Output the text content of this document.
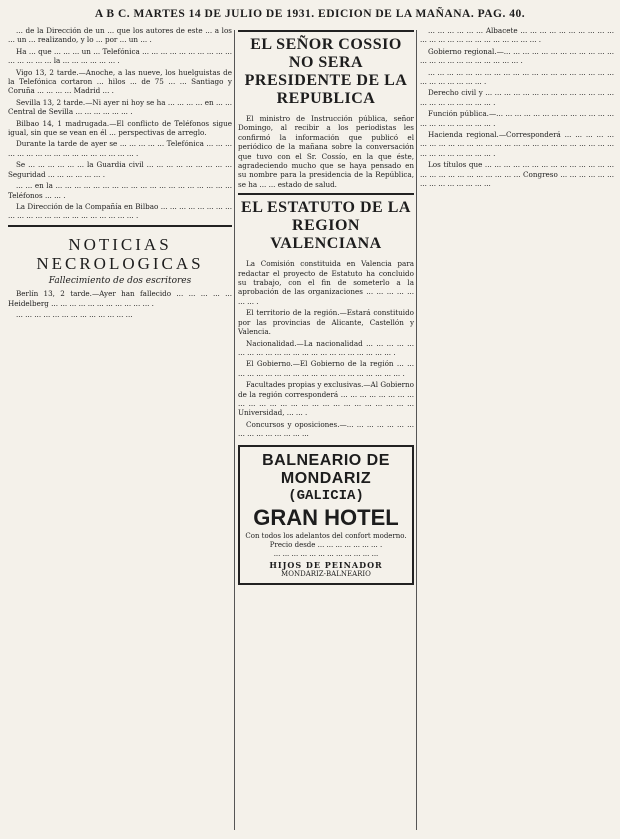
A B C. MARTES 14 DE JULIO DE 1931. EDICION DE LA MAÑANA. PAG. 40.

... de la Dirección de un ... que los autores de este ... a los ... un ... realizando, y lo ... por ... un ... .

Ha ... que ... ... ... un ... Telefónica ... ... ... ... ... ... ... ... ... ... ... ... ... ... ... la ... ... ... ... ... ... .

Vigo 13, 2 tarde.—Anoche, a las nueve, los huelguistas de la Telefónica cortaron ... hilos ... de 75 ... ... Santiago y Coruña ... ... ... ... Madrid ... .

Sevilla 13, 2 tarde.—Ni ayer ni hoy se ha ... ... ... ... en ... ... Central de Sevilla ... ... ... ... ... ... .

Bilbao 14, 1 madrugada.—El conflicto de Teléfonos sigue igual, sin que se vean en él ... perspectivas de arreglo.

Durante la tarde de ayer se ... ... ... ... ... Telefónica ... ... ... ... ... ... ... ... ... ... ... ... ... ... ... ... ... .

Se ... ... ... ... ... ... la Guardia civil ... ... ... ... ... ... ... ... ... Seguridad ... ... ... ... ... ... .

... ... en la ... ... ... ... ... ... ... ... ... ... ... ... ... ... ... ... ... ... ... Teléfonos ... ... .

La Dirección de la Compañía en Bilbao ... ... ... ... ... ... ... ... ... ... ... ... ... ... ... ... ... ... ... ... ... ... .

NOTICIAS NECROLOGICAS
Fallecimiento de dos escritores

Berlín 13, 2 tarde.—Ayer han fallecido ... ... ... ... ... Heidelberg ... ... ... ... ... ... ... ... ... ... ... .

... ... ... ... ... ... ... ... ... ... ... ... ...

EL SEÑOR COSSIO NO SERA PRESIDENTE DE LA REPUBLICA

El ministro de Instrucción pública, señor Domingo, al recibir a los periodistas les confirmó la información que publicó el periódico de la mañana sobre la conversación que tuvo con el Sr. Cossío, en la que éste, agradeciendo mucho que se haya pensado en su nombre para la presidencia de la República, se ha ... ... estado de salud.

EL ESTATUTO DE LA REGION VALENCIANA

La Comisión constituida en Valencia para redactar el proyecto de Estatuto ha concluido su trabajo, con el fin de someterlo a la aprobación de las organizaciones ... ... ... ... ... ... ... .

El territorio de la región.—Estará constituido por las provincias de Alicante, Castellón y Valencia.

Nacionalidad.—La nacionalidad ... ... ... ... ... ... ... ... ... ... ... ... ... ... ... ... ... ... ... ... ... ... .

El Gobierno.—El Gobierno de la región ... ... ... ... ... ... ... ... ... ... ... ... ... ... ... ... ... ... ... ... .

Facultades propias y exclusivas.—Al Gobierno de la región corresponderá ... ... ... ... ... ... ... ... ... ... ... ... ... ... ... ... ... ... ... ... ... ... ... ... ... Universidad, ... ... .

Concursos y oposiciones.—... ... ... ... ... ... ... ... ... ... ... ... ... ... ...

BALNEARIO DE MONDARIZ
(GALICIA)
GRAN HOTEL
Con todos los adelantos del confort moderno.
Precio desde ... ... ... ... ... ... ... .
... ... ... ... ... ... ... ... ... ... ... ...
HIJOS DE PEINADOR
MONDARIZ-BALNEARIO

... ... ... ... ... ... Albacete ... ... ... ... ... ... ... ... ... ... ... ... ... ... ... ... ... ... ... ... ... ... ... .

Gobierno regional.—... ... ... ... ... ... ... ... ... ... ... ... ... ... ... ... ... ... ... ... ... ... ... .

... ... ... ... ... ... ... ... ... ... ... ... ... ... ... ... ... ... ... ... ... ... ... ... ... ... ... .

Derecho civil y ... ... ... ... ... ... ... ... ... ... ... ... ... ... ... ... ... ... ... ... ... ... .

Función pública.—... ... ... ... ... ... ... ... ... ... ... ... ... ... ... ... ... ... ... ... ... .

Hacienda regional.—Corresponderá ... ... ... ... ... ... ... ... ... ... ... ... ... ... ... ... ... ... ... ... ... ... ... ... ... ... ... ... ... ... ... ... ... ... .

Los títulos que ... ... ... ... ... ... ... ... ... ... ... ... ... ... ... ... ... ... ... ... ... ... ... ... ... Congreso ... ... ... ... ... ... ... ... ... ... ... ... ... ...
